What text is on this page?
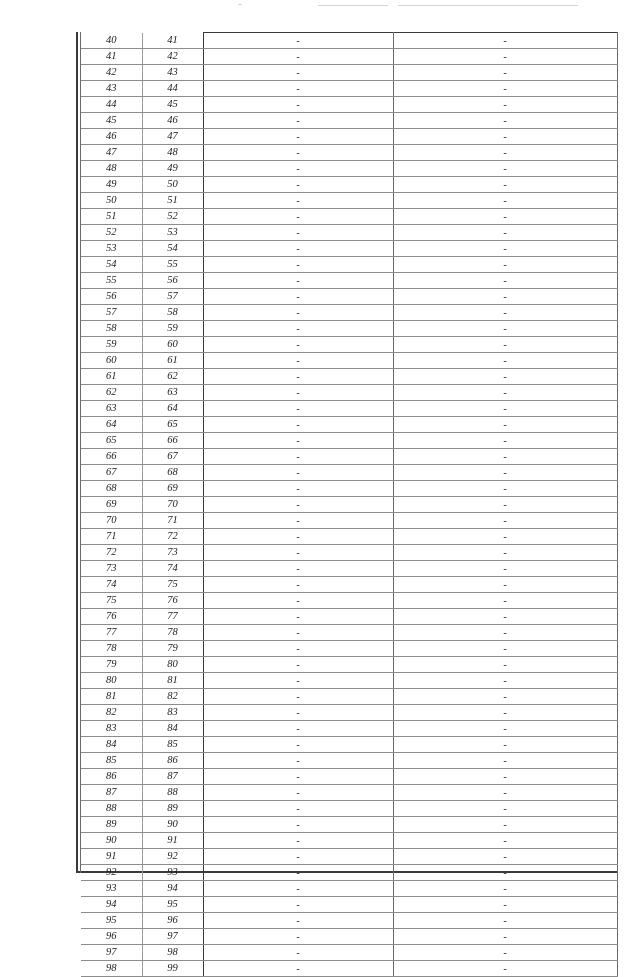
40	41	-	-
41	42	-	-
42	43	-	-
43	44	-	-
44	45	-	-
45	46	-	-
46	47	-	-
47	48	-	-
48	49	-	-
49	50	-	-
50	51	-	-
51	52	-	-
52	53	-	-
53	54	-	-
54	55	-	-
55	56	-	-
56	57	-	-
57	58	-	-
58	59	-	-
59	60	-	-
60	61	-	-
61	62	-	-
62	63	-	-
63	64	-	-
64	65	-	-
65	66	-	-
66	67	-	-
67	68	-	-
68	69	-	-
69	70	-	-
70	71	-	-
71	72	-	-
72	73	-	-
73	74	-	-
74	75	-	-
75	76	-	-
76	77	-	-
77	78	-	-
78	79	-	-
79	80	-	-
80	81	-	-
81	82	-	-
82	83	-	-
83	84	-	-
84	85	-	-
85	86	-	-
86	87	-	-
87	88	-	-
88	89	-	-
89	90	-	-
90	91	-	-
91	92	-	-
92	93	-	-
93	94	-	-
94	95	-	-
95	96	-	-
96	97	-	-
97	98	-	-
98	99	-	-
